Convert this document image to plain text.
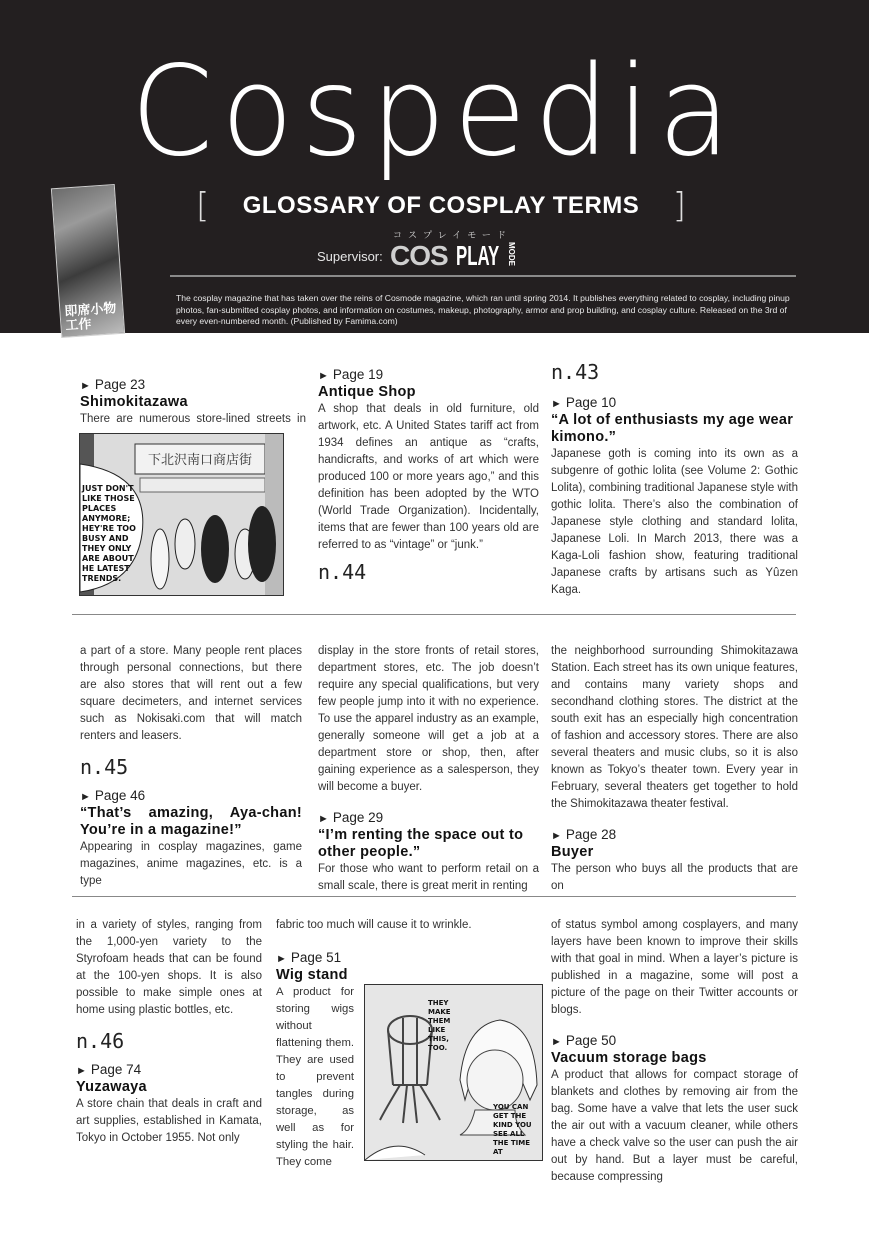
Cospedia
[ GLOSSARY OF COSPLAY TERMS ]
Supervisor:
コスプレイモード
COS PLAY MODE
The cosplay magazine that has taken over the reins of Cosmode magazine, which ran until spring 2014. It publishes everything related to cosplay, including pinup photos, fan-submitted cosplay photos, and information on costumes, makeup, photography, armor and prop building, and cosplay culture. Released on the 3rd of every even-numbered month. (Published by Famima.com)
即席小物工作
► Page 23
Shimokitazawa

There are numerous store-lined streets in

下北沢南口商店街
JUST DON'T LIKE THOSE PLACES ANYMORE; HEY'RE TOO BUSY AND THEY ONLY ARE ABOUT HE LATEST TRENDS.
► Page 19
Antique Shop

A shop that deals in old furniture, old artwork, etc. A United States tariff act from 1934 defines an antique as “crafts, handicrafts, and works of art which were produced 100 or more years ago,” and this definition has been adopted by the WTO (World Trade Organization). Incidentally, items that are fewer than 100 years old are referred to as “vintage” or “junk.”

n.44
n.43
► Page 10
“A lot of enthusiasts my age wear kimono.”

Japanese goth is coming into its own as a subgenre of gothic lolita (see Volume 2: Gothic Lolita), combining traditional Japanese style with gothic lolita. There’s also the combination of Japanese style clothing and standard lolita, Japanese Loli. In March 2013, there was a Kaga-Loli fashion show, featuring traditional Japanese crafts by artisans such as Yûzen Kaga.

a part of a store. Many people rent places through personal connections, but there are also stores that will rent out a few square decimeters, and internet services such as Nokisaki.com that will match renters and leasers.

n.45
► Page 46
“That’s amazing, Aya-chan! You’re in a magazine!”

Appearing in cosplay magazines, game magazines, anime magazines, etc. is a type

display in the store fronts of retail stores, department stores, etc. The job doesn’t require any special qualifications, but very few people jump into it with no experience. To use the apparel industry as an example, generally someone will get a job at a department store or shop, then, after gaining experience as a salesperson, they will become a buyer.

► Page 29
“I’m renting the space out to other people.”

For those who want to perform retail on a small scale, there is great merit in renting

the neighborhood surrounding Shimokitazawa Station. Each street has its own unique features, and contains many variety shops and secondhand clothing stores. The district at the south exit has an especially high concentration of fashion and accessory stores. There are also several theaters and music clubs, so it is also known as Tokyo’s theater town. Every year in February, several theaters get together to hold the Shimokitazawa theater festival.

► Page 28
Buyer

The person who buys all the products that are on

in a variety of styles, ranging from the 1,000-yen variety to the Styrofoam heads that can be found at the 100-yen shops. It is also possible to make simple ones at home using plastic bottles, etc.

n.46
► Page 74
Yuzawaya

A store chain that deals in craft and art supplies, established in Kamata, Tokyo in October 1955. Not only

fabric too much will cause it to wrinkle.

► Page 51
Wig stand

A product for storing wigs without flattening them. They are used to prevent tangles during storage, as well as for styling the hair. They come

THEY MAKE THEM LIKE THIS, TOO.
YOU CAN GET THE KIND YOU SEE ALL THE TIME AT

of status symbol among cosplayers, and many layers have been known to improve their skills with that goal in mind. When a layer’s picture is published in a magazine, some will post a picture of the page on their Twitter accounts or blogs.

► Page 50
Vacuum storage bags

A product that allows for compact storage of blankets and clothes by removing air from the bag. Some have a valve that lets the user suck the air out with a vacuum cleaner, while others have a check valve so the user can push the air out by hand. But a layer must be careful, because compressing
